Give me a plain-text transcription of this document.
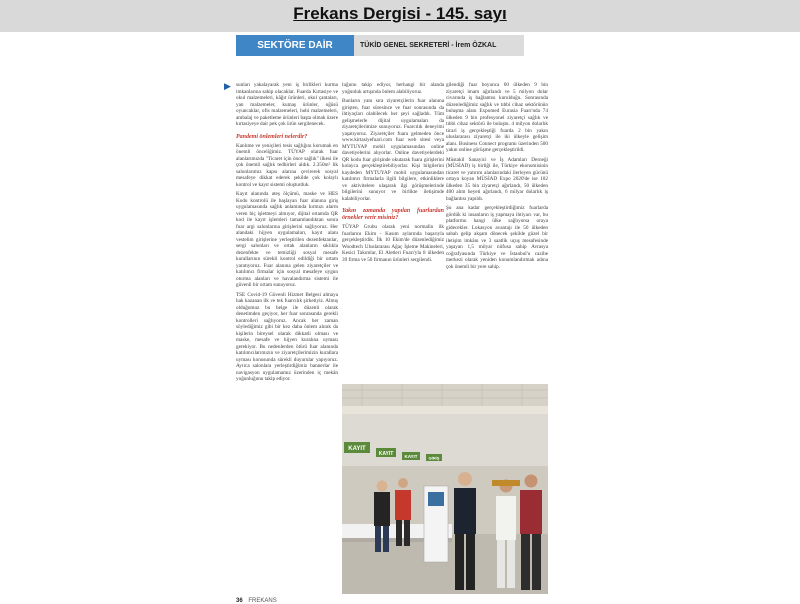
Frekans Dergisi - 145. sayı
SEKTÖRE DAİR	TÜKİD GENEL SEKRETERİ - İrem ÖZKAL
▶ sunları yakalayarak yeni iş birlikleri kurma imkanlarına sahip olacaklar. Fuarda Kırtasiye ve okul malzemeleri, kâğıt ürünleri, okul çantaları, yan malzemeler, kumaş ürünler, oğüsü oyuncaklar, ofis malzemeleri, hobi malzemeleri, ambalaj ve paketleme ürünleri başta olmak üzere kırtasiyeye dair pek çok ürün sergilenecek.

Pandemi önlemleri nelerdir?

Kanlıme ve yeniçileri tesis sağlığını korumak en önemli önceliğimiz. TÜYAP olarak fuar alanlarımızda "Ticaret için önce sağlık" ilkesi ile çok önemli sağlık tedbirleri aldık. 2.350m² lik salonlarımız kapsı alarına çevirerek sosyal mesafeye dikkat ederek şekilde çok kolaylı kontrol ve kayıt sistemi oluşturduk.

Kayıt alanında ateş ölçümü, maske ve HES Kodu kontrolü ile başlayan fuar alanına giriş uygulamasında sağlık anlamında kırmızı alarm veren hiç işletmeyi almıyor, dijital ortamda QR kod ile kayıt işlemleri tamamlandıktan sonra fuar argi salonlarına girişlerini sağlıyoruz. Her alandaki hijyen uygulamaları, kayıt alanı vestelim girişlerine yerleştirilen dezenfektanlar, sergi salonları ve ortak alanların sıklıkla dezenfekte ve temizliği sosyal mesafe kurallarının sürekli kontrol edildiği bir ortam yaratıyoruz. Fuar alanına gelen ziyaretçiler ve katılımcı firmalar için sosyal mesafeye uygun oturma alanları ve havalandırma sistemi ile güvenli bir ortam sunuyoruz.

TSE Covid-19 Güvenli Hizmet Belgesi almaya hak kazanan ilk ve tek fuarcılık şirketiyiz. Almış olduğumuz bu belge ile düzenli olarak denetimden geçiyor, her fuar sonrasında gerekli kontrolleri sağlıyoruz. Ancak her zaman söylediğimiz gibi bir kez daha önlem alınık da kişilerin bireysel olarak dikkatli olması ve maske, mesafe ve hijyen kuralına uyması gerekiyor. Bu nedenlerden ötürü fuar alanında katılımcılarımızın ve ziyaretçilerimizin kurallara uyması konusunda sürekli duyurular yapıyoruz. Ayrıca salonlara yerleştirdiğimiz bannerlar ile navigasyon uygulamamız üzerinden iç mekân yoğunluğunu takip ediyor.

luğunu takip ediyor, herhangi bir alanda yoğunluk artışında önlem alabiliyoruz.

Bunların yanı sıra ziyaretçilerin fuar alanına girişten, fuar süresince ve fuar sonrasında da ihtiyaçları olabilecek her şeyi sağladık. Tüm gelişmelerle dijital uygulamaları da ziyaretçilerimize sunuyoruz. Fuarcılık deneyimi yaşatıyoruz. Ziyaretçiler fuara gelmeden önce www.kirtasiyefuari.com fuar web sitesi veya MYTUYAP mobil uygulamasından online davetiyelerini alıyorlar. Online davetiyelerdeki QR kodu fuar girişinde okutarak fuara girişlerini kolayca gerçekleştirebiliyorlar. Kişi bilgilerini kaydeden MYTUYAP mobil uygulamasından katılımcı firmalarla ilgili bilgilere, etkinliklere ve aktivitelere ulaşarak ilgi görüşmelerinde bilgilerini sunuyor ve birlikte iletişimde kalabiliyorlar.

Yakın zamanda yapılan fuarlardan örnekler verir misiniz?

TÜYAP Grubu olarak yeni normalin ilk fuarlarını Ekim - Kasım aylarında başarıyla gerçekleştirdik. İlk 10 Ekim'de düzenlediğimiz Woodtech Uluslararası Ağaç İşleme Makineleri, Kesici Takımlar, El Aletleri Fuarı'yla 8 ülkeden 39 firma ve 50 firmanın ürünleri sergilendi.

gilendiği fuar boyunca 60 ülkeden 9 bin ziyaretçi imam ağırlandı ve 5 milyon dolar civarında iş bağlantısı kurulduğu. Sonrasında düzenlediğimiz sağlık ve tıbbi cihaz sektörünün buluşma alanı Expomed Eurasia Fuarı'nda 74 ülkeden 9 bin profesyonel ziyaretçi sağlık ve tıbbi cihaz sektörü ile buluştu. 4 milyon dolarlık ticari iş gerçekleştiği fuarda 2 bin yakın uluslararası ziyaretçi ile iki ülkeyle gelişim alanı. Business Connect programı üzerinden 500 yakın online görüşme gerçekleştirildi.

Müstakil Sanayici ve İş Adamları Derneği (MÜSİAD) iş birliği ile, Türkiye ekonomisinin ticaret ve yatırım alanlarındaki ilerleyen gücünü ortaya koyan MÜSİAD Expo 2020'de ise 102 ülkeden 35 bin ziyaretçi ağırlandı, 50 ülkeden 400 alım heyeti ağırlandı, 6 milyar dolarlık iş bağlantısı yapıldı.

Şu ana kadar gerçekleştirdiğimiz fuarlarda gördük ki insanların iş yapmaya ihtiyacı var, bu platformu hangi ülke sağlıyorsa oraya gidecekler. Lokasyon avantajı ile 50 ülkeden sabah gelip akşam dönecek şekilde güzel bir iletişim imkânı ve 3 saatlik uçuş mesafesinde yaşayan 1,5 milyar nüfusa sahip Avrasya coğrafyasında Türkiye ve İstanbul'u cazibe merkezi olarak yeniden konumlandırmak adına çok önemli bir yere sahip.

KAYIT
KAYIT KAYIT	GİRİŞ
36 FREKANS
